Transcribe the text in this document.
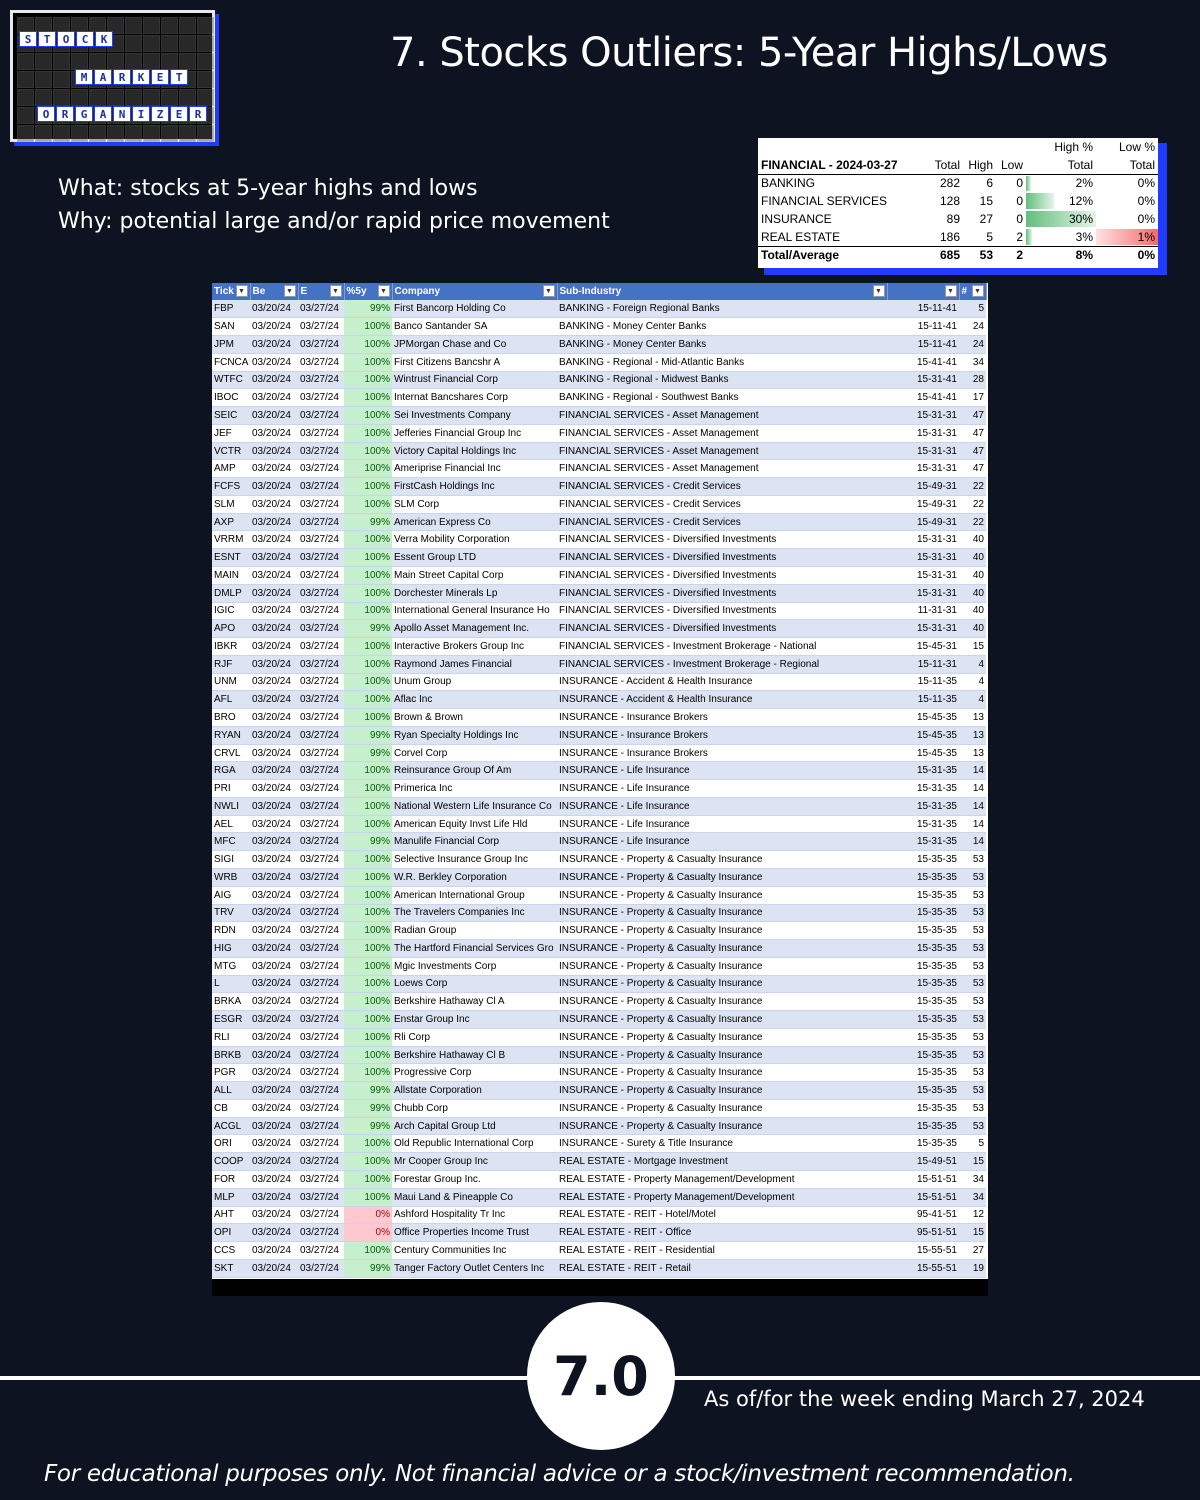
S	T	O	C	K
M	A	R	K	E	T
O	R	G	A	N	I	Z	E	R
7. Stocks Outliers: 5-Year Highs/Lows
What: stocks at 5-year highs and lows
Why: potential large and/or rapid price movement
				High %	Low %
FINANCIAL - 2024-03-27	Total	High	Low	Total	Total
BANKING	282	6	0	2%	0%
FINANCIAL SERVICES	128	15	0	12%	0%
INSURANCE	89	27	0	30%	0%
REAL ESTATE	186	5	2	3%	1%
Total/Average	685	53	2	8%	0%
Tick ▼	Be ▼	E ▼	%5y ▼	Company ▼	Sub-Industry ▼	▼	# ▼

FBP	03/20/24	03/27/24	99%	First Bancorp Holding Co	BANKING - Foreign Regional Banks	15-11-41	5
SAN	03/20/24	03/27/24	100%	Banco Santander SA	BANKING - Money Center Banks	15-11-41	24
JPM	03/20/24	03/27/24	100%	JPMorgan Chase and Co	BANKING - Money Center Banks	15-11-41	24
FCNCA	03/20/24	03/27/24	100%	First Citizens Bancshr A	BANKING - Regional - Mid-Atlantic Banks	15-41-41	34
WTFC	03/20/24	03/27/24	100%	Wintrust Financial Corp	BANKING - Regional - Midwest Banks	15-31-41	28
IBOC	03/20/24	03/27/24	100%	Internat Bancshares Corp	BANKING - Regional - Southwest Banks	15-41-41	17
SEIC	03/20/24	03/27/24	100%	Sei Investments Company	FINANCIAL SERVICES - Asset Management	15-31-31	47
JEF	03/20/24	03/27/24	100%	Jefferies Financial Group Inc	FINANCIAL SERVICES - Asset Management	15-31-31	47
VCTR	03/20/24	03/27/24	100%	Victory Capital Holdings Inc	FINANCIAL SERVICES - Asset Management	15-31-31	47
AMP	03/20/24	03/27/24	100%	Ameriprise Financial Inc	FINANCIAL SERVICES - Asset Management	15-31-31	47
FCFS	03/20/24	03/27/24	100%	FirstCash Holdings Inc	FINANCIAL SERVICES - Credit Services	15-49-31	22
SLM	03/20/24	03/27/24	100%	SLM Corp	FINANCIAL SERVICES - Credit Services	15-49-31	22
AXP	03/20/24	03/27/24	99%	American Express Co	FINANCIAL SERVICES - Credit Services	15-49-31	22
VRRM	03/20/24	03/27/24	100%	Verra Mobility Corporation	FINANCIAL SERVICES - Diversified Investments	15-31-31	40
ESNT	03/20/24	03/27/24	100%	Essent Group LTD	FINANCIAL SERVICES - Diversified Investments	15-31-31	40
MAIN	03/20/24	03/27/24	100%	Main Street Capital Corp	FINANCIAL SERVICES - Diversified Investments	15-31-31	40
DMLP	03/20/24	03/27/24	100%	Dorchester Minerals Lp	FINANCIAL SERVICES - Diversified Investments	15-31-31	40
IGIC	03/20/24	03/27/24	100%	International General Insurance Ho	FINANCIAL SERVICES - Diversified Investments	11-31-31	40
APO	03/20/24	03/27/24	99%	Apollo Asset Management Inc.	FINANCIAL SERVICES - Diversified Investments	15-31-31	40
IBKR	03/20/24	03/27/24	100%	Interactive Brokers Group Inc	FINANCIAL SERVICES - Investment Brokerage - National	15-45-31	15
RJF	03/20/24	03/27/24	100%	Raymond James Financial	FINANCIAL SERVICES - Investment Brokerage - Regional	15-11-31	4
UNM	03/20/24	03/27/24	100%	Unum Group	INSURANCE - Accident & Health Insurance	15-11-35	4
AFL	03/20/24	03/27/24	100%	Aflac Inc	INSURANCE - Accident & Health Insurance	15-11-35	4
BRO	03/20/24	03/27/24	100%	Brown & Brown	INSURANCE - Insurance Brokers	15-45-35	13
RYAN	03/20/24	03/27/24	99%	Ryan Specialty Holdings Inc	INSURANCE - Insurance Brokers	15-45-35	13
CRVL	03/20/24	03/27/24	99%	Corvel Corp	INSURANCE - Insurance Brokers	15-45-35	13
RGA	03/20/24	03/27/24	100%	Reinsurance Group Of Am	INSURANCE - Life Insurance	15-31-35	14
PRI	03/20/24	03/27/24	100%	Primerica Inc	INSURANCE - Life Insurance	15-31-35	14
NWLI	03/20/24	03/27/24	100%	National Western Life Insurance Co	INSURANCE - Life Insurance	15-31-35	14
AEL	03/20/24	03/27/24	100%	American Equity Invst Life Hld	INSURANCE - Life Insurance	15-31-35	14
MFC	03/20/24	03/27/24	99%	Manulife Financial Corp	INSURANCE - Life Insurance	15-31-35	14
SIGI	03/20/24	03/27/24	100%	Selective Insurance Group Inc	INSURANCE - Property & Casualty Insurance	15-35-35	53
WRB	03/20/24	03/27/24	100%	W.R. Berkley Corporation	INSURANCE - Property & Casualty Insurance	15-35-35	53
AIG	03/20/24	03/27/24	100%	American International Group	INSURANCE - Property & Casualty Insurance	15-35-35	53
TRV	03/20/24	03/27/24	100%	The Travelers Companies Inc	INSURANCE - Property & Casualty Insurance	15-35-35	53
RDN	03/20/24	03/27/24	100%	Radian Group	INSURANCE - Property & Casualty Insurance	15-35-35	53
HIG	03/20/24	03/27/24	100%	The Hartford Financial Services Gro	INSURANCE - Property & Casualty Insurance	15-35-35	53
MTG	03/20/24	03/27/24	100%	Mgic Investments Corp	INSURANCE - Property & Casualty Insurance	15-35-35	53
L	03/20/24	03/27/24	100%	Loews Corp	INSURANCE - Property & Casualty Insurance	15-35-35	53
BRKA	03/20/24	03/27/24	100%	Berkshire Hathaway Cl A	INSURANCE - Property & Casualty Insurance	15-35-35	53
ESGR	03/20/24	03/27/24	100%	Enstar Group Inc	INSURANCE - Property & Casualty Insurance	15-35-35	53
RLI	03/20/24	03/27/24	100%	Rli Corp	INSURANCE - Property & Casualty Insurance	15-35-35	53
BRKB	03/20/24	03/27/24	100%	Berkshire Hathaway Cl B	INSURANCE - Property & Casualty Insurance	15-35-35	53
PGR	03/20/24	03/27/24	100%	Progressive Corp	INSURANCE - Property & Casualty Insurance	15-35-35	53
ALL	03/20/24	03/27/24	99%	Allstate Corporation	INSURANCE - Property & Casualty Insurance	15-35-35	53
CB	03/20/24	03/27/24	99%	Chubb Corp	INSURANCE - Property & Casualty Insurance	15-35-35	53
ACGL	03/20/24	03/27/24	99%	Arch Capital Group Ltd	INSURANCE - Property & Casualty Insurance	15-35-35	53
ORI	03/20/24	03/27/24	100%	Old Republic International Corp	INSURANCE - Surety & Title Insurance	15-35-35	5
COOP	03/20/24	03/27/24	100%	Mr Cooper Group Inc	REAL ESTATE - Mortgage Investment	15-49-51	15
FOR	03/20/24	03/27/24	100%	Forestar Group Inc.	REAL ESTATE - Property Management/Development	15-51-51	34
MLP	03/20/24	03/27/24	100%	Maui Land & Pineapple Co	REAL ESTATE - Property Management/Development	15-51-51	34
AHT	03/20/24	03/27/24	0%	Ashford Hospitality Tr Inc	REAL ESTATE - REIT - Hotel/Motel	95-41-51	12
OPI	03/20/24	03/27/24	0%	Office Properties Income Trust	REAL ESTATE - REIT - Office	95-51-51	15
CCS	03/20/24	03/27/24	100%	Century Communities Inc	REAL ESTATE - REIT - Residential	15-55-51	27
SKT	03/20/24	03/27/24	99%	Tanger Factory Outlet Centers Inc	REAL ESTATE - REIT - Retail	15-55-51	19
7.0	As of/for the week ending March 27, 2024
For educational purposes only. Not financial advice or a stock/investment recommendation.
